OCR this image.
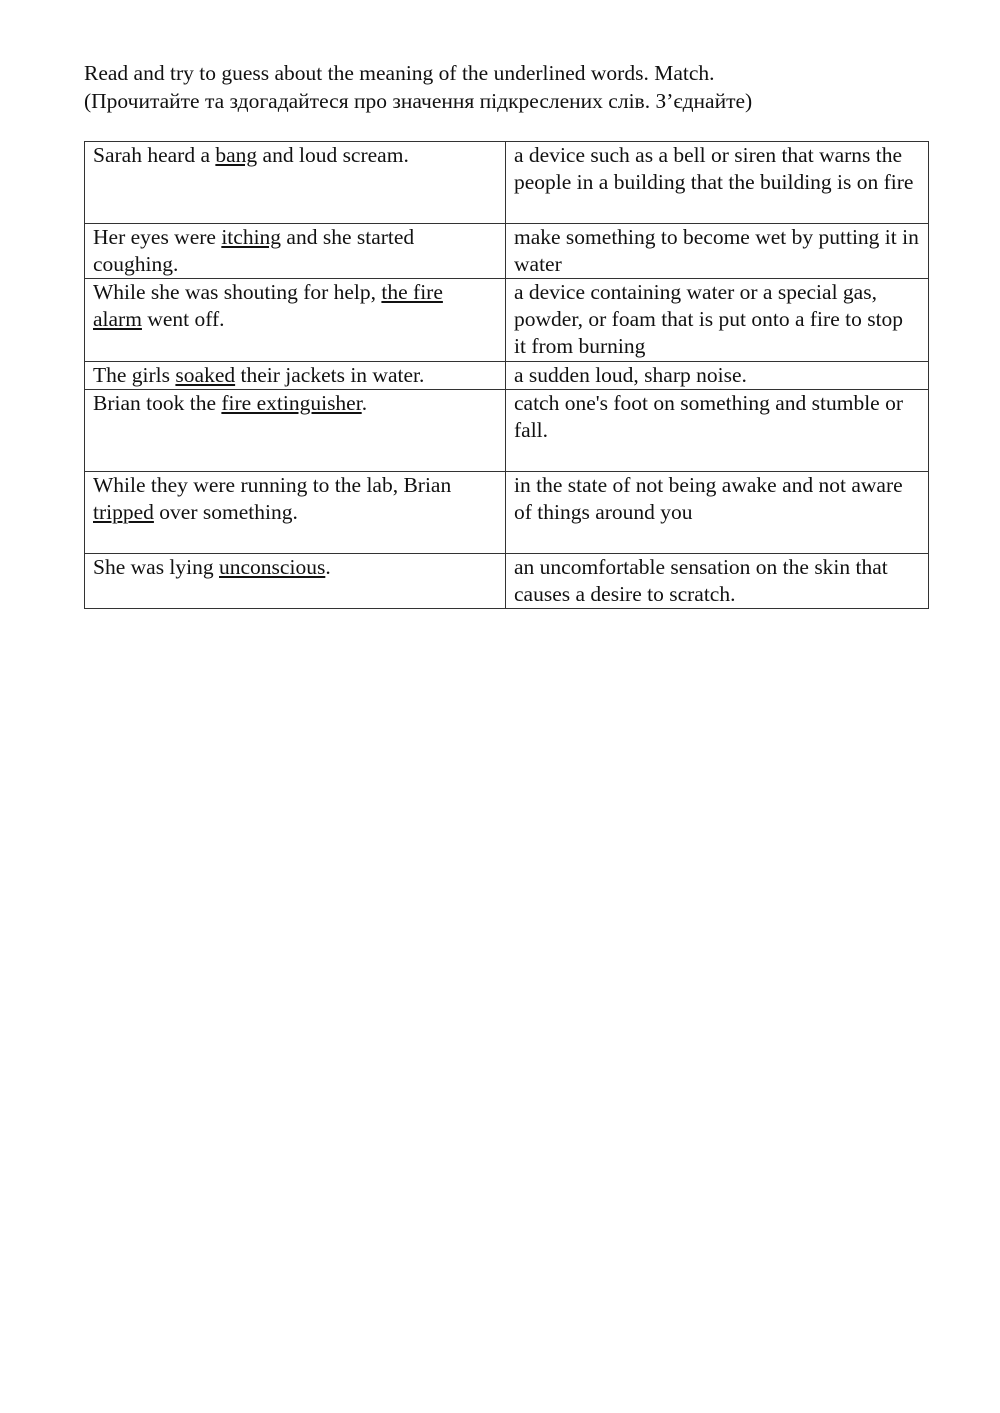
Read and try to guess about the meaning of the underlined words. Match.
(Прочитайте та здогадайтеся про значення підкреслених слів. З’єднайте)
Sarah heard a bang and loud scream.	a device such as a bell or siren that warns the people in a building that the building is on fire
Her eyes were itching and she started coughing.	make something to become wet by putting it in water
While she was shouting for help, the fire alarm went off.	a device containing water or a special gas, powder, or foam that is put onto a fire to stop it from burning
The girls soaked their jackets in water.	a sudden loud, sharp noise.
Brian took the fire extinguisher.	catch one's foot on something and stumble or fall.
While they were running to the lab, Brian tripped over something.	in the state of not being awake and not aware of things around you
She was lying unconscious.	an uncomfortable sensation on the skin that causes a desire to scratch.
